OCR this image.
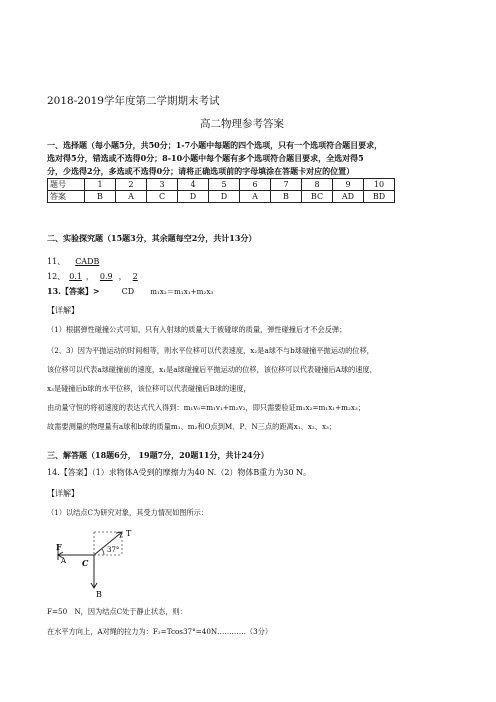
2018-2019学年度第二学期期末考试
高二物理参考答案
一、选择题（每小题5分，共50分；1-7小题中每题的四个选项，只有一个选项符合题目要求，
选对得5分，错选或不选得0分；8-10小题中每个题有多个选项符合题目要求，全选对得5
分，少选得2分，多选或不选得0分；请将正确选项前的字母填涂在答题卡对应的位置）
题号	1	2	3	4	5	6	7	8	9	10
答案	B	A	C	D	D	A	B	BC	AD	BD
二、实验探究题（15题3分，其余题每空2分，共计13分）
11、 CADB
12、 0.1 ， 0.9 ， 2
13.【答案】>	CD m₁x₂＝m₁x₁+m₂x₃
【详解】
（1）根据弹性碰撞公式可知，只有入射球的质量大于被碰球的质量，弹性碰撞后才不会反弹；
（2、3）因为平抛运动的时间相等，则水平位移可以代表速度，x₂是a球不与b球碰撞平抛运动的位移，
该位移可以代表a球碰撞前的速度，x₁是a球碰撞后平抛运动的位移，该位移可以代表碰撞后A球的速度，
x₃是碰撞后b球的水平位移，该位移可以代表碰撞后B球的速度，
由动量守恒的将初速度的表达式代入得到：m₁v₀=m₁v₁+m₂v₂，即只需要验证m₁x₂=m₁x₁+m₂x₃；
故需要测量的物理量有a球和b球的质量m₁、m₂和O点到M、P、N三点的距离x₁、x₂、x₃；
三、解答题（18题6分， 19题7分，20题11分，共计24分）
14.【答案】（1）求物体A受到的摩擦力为40 N.（2）物体B重力为30 N。
【详解】
（1）以结点C为研究对象，其受力情况如图所示：
37°
T
F
A C
B
F=50　N，因为结点C处于静止状态，则：
在水平方向上，A对绳的拉力为：F₂=Tcos37°=40N…………（3分）
